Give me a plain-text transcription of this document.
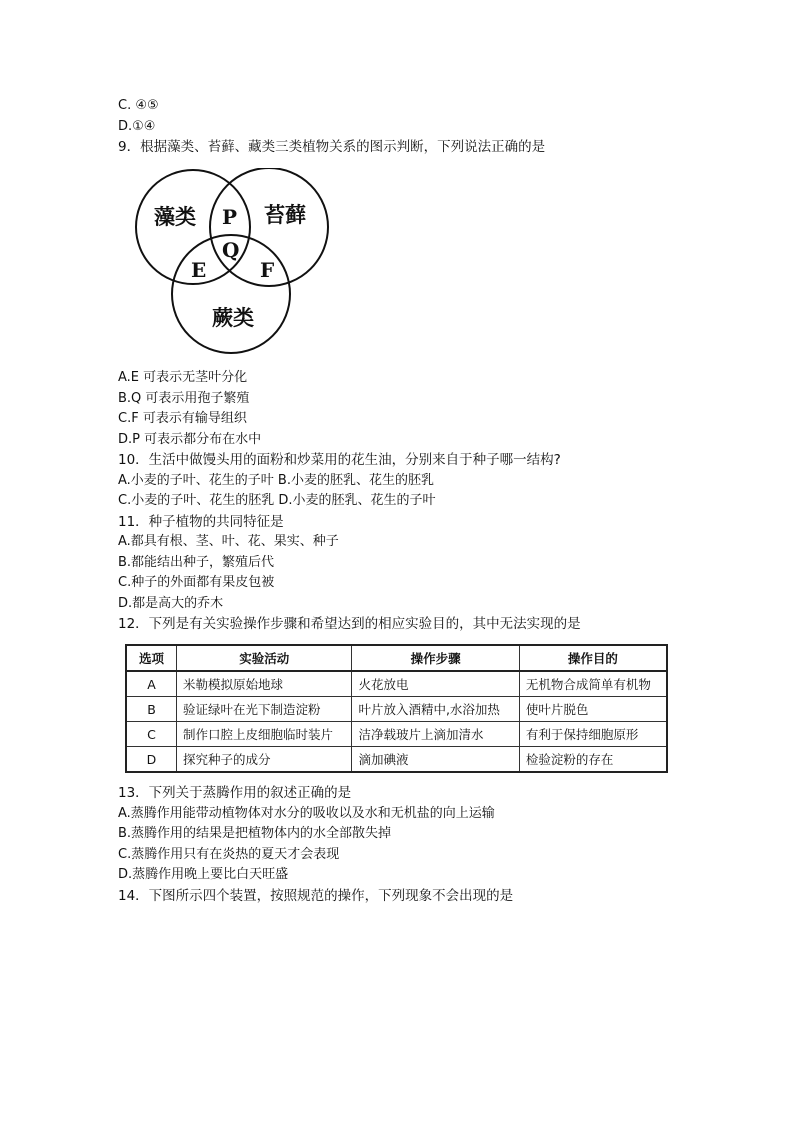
C. ④⑤
D.①④
9．根据藻类、苔藓、藏类三类植物关系的图示判断，下列说法正确的是
藻类	苔藓
蕨类
P
Q
E	F
A.E 可表示无茎叶分化
B.Q 可表示用孢子繁殖
C.F 可表示有输导组织
D.P 可表示都分布在水中
10．生活中做馒头用的面粉和炒菜用的花生油，分别来自于种子哪一结构?
A.小麦的子叶、花生的子叶 B.小麦的胚乳、花生的胚乳
C.小麦的子叶、花生的胚乳 D.小麦的胚乳、花生的子叶
11．种子植物的共同特征是
A.都具有根、茎、叶、花、果实、种子
B.都能结出种子，繁殖后代
C.种子的外面都有果皮包被
D.都是高大的乔木
12．下列是有关实验操作步骤和希望达到的相应实验目的，其中无法实现的是
选项	实验活动	操作步骤	操作目的
A	米勒模拟原始地球	火花放电	无机物合成简单有机物
B	验证绿叶在光下制造淀粉	叶片放入酒精中,水浴加热	使叶片脱色
C	制作口腔上皮细胞临时装片	洁净载玻片上滴加清水	有利于保持细胞原形
D	探究种子的成分	滴加碘液	检验淀粉的存在
13．下列关于蒸腾作用的叙述正确的是
A.蒸腾作用能带动植物体对水分的吸收以及水和无机盐的向上运输
B.蒸腾作用的结果是把植物体内的水全部散失掉
C.蒸腾作用只有在炎热的夏天才会表现
D.蒸腾作用晚上要比白天旺盛
14．下图所示四个装置，按照规范的操作，下列现象不会出现的是
